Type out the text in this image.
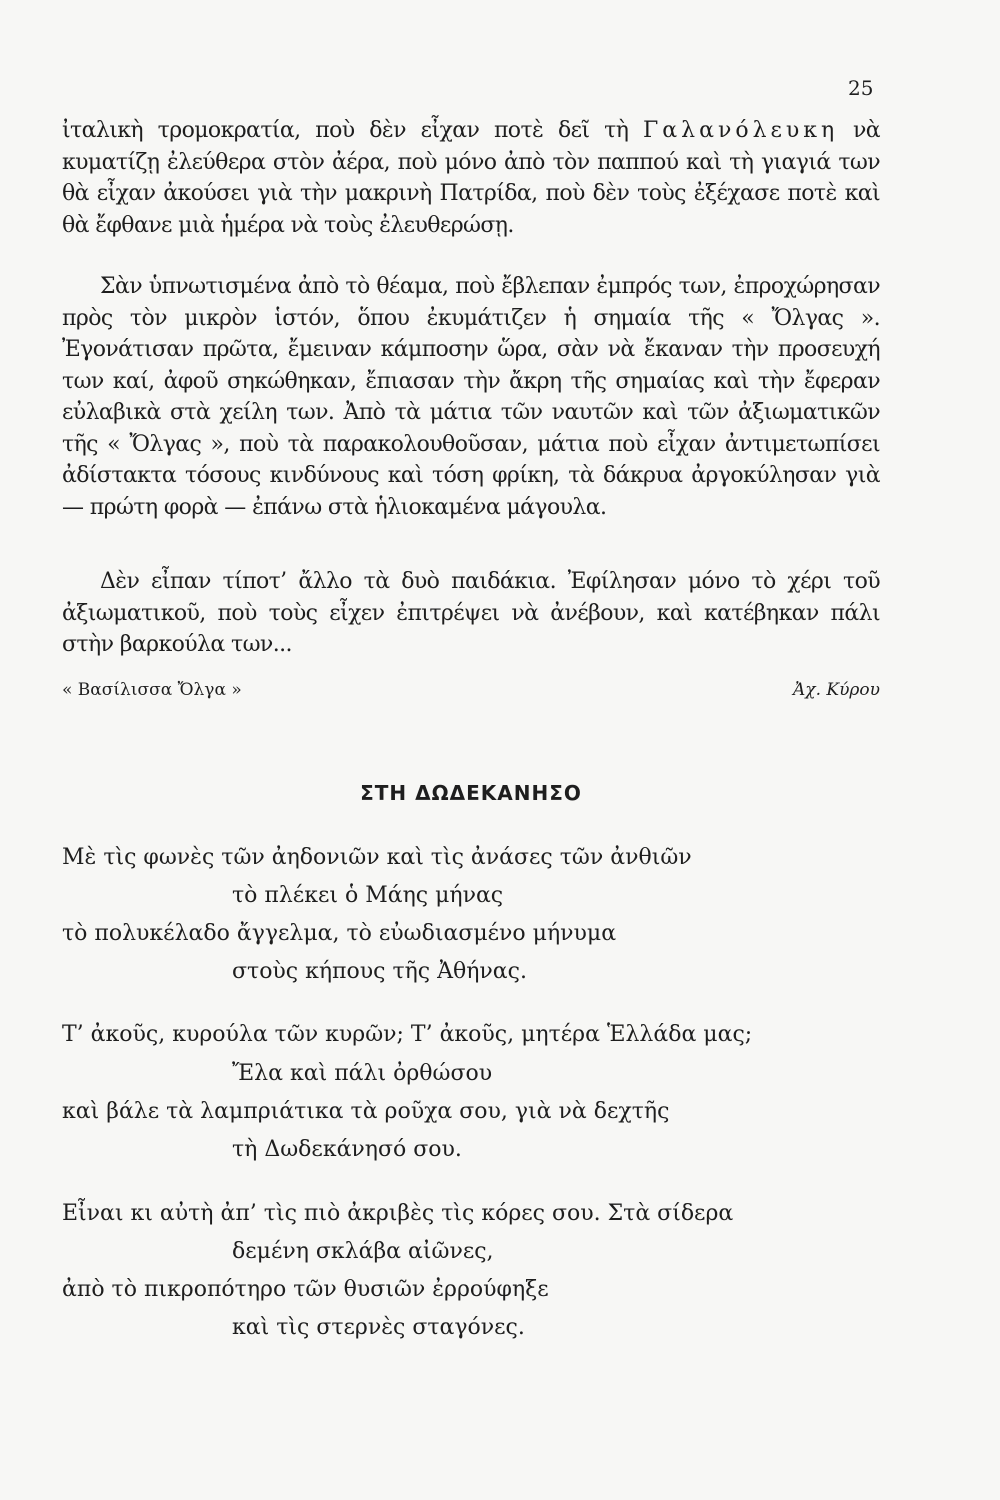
25

ἰταλικὴ τρομοκρατία, ποὺ δὲν εἶχαν ποτὲ δεῖ τὴ Γαλανόλευκη νὰ κυματίζῃ ἐλεύθερα στὸν ἀέρα, ποὺ μόνο ἀπὸ τὸν παππού καὶ τὴ γιαγιά των θὰ εἶχαν ἀκούσει γιὰ τὴν μακρινὴ Πατρίδα, ποὺ δὲν τοὺς ἐξέχασε ποτὲ καὶ θὰ ἔφθανε μιὰ ἡμέρα νὰ τοὺς ἐλευθερώσῃ.

Σὰν ὑπνωτισμένα ἀπὸ τὸ θέαμα, ποὺ ἔβλεπαν ἐμπρός των, ἐπροχώρησαν πρὸς τὸν μικρὸν ἱστόν, ὅπου ἐκυμάτιζεν ἡ σημαία τῆς « Ὄλγας ». Ἐγονάτισαν πρῶτα, ἔμειναν κάμποσην ὥρα, σὰν νὰ ἔκαναν τὴν προσευχή των καί, ἀφοῦ σηκώθηκαν, ἔπιασαν τὴν ἄκρη τῆς σημαίας καὶ τὴν ἔφεραν εὐλαβικὰ στὰ χείλη των. Ἀπὸ τὰ μάτια τῶν ναυτῶν καὶ τῶν ἀξιωματικῶν τῆς « Ὄλγας », ποὺ τὰ παρακολουθοῦσαν, μάτια ποὺ εἶχαν ἀντιμετωπίσει ἀδίστακτα τόσους κινδύνους καὶ τόση φρίκη, τὰ δάκρυα ἀργοκύλησαν γιὰ — πρώτη φορὰ — ἐπάνω στὰ ἡλιοκαμένα μάγουλα.

Δὲν εἶπαν τίποτ’ ἄλλο τὰ δυὸ παιδάκια. Ἐφίλησαν μόνο τὸ χέρι τοῦ ἀξιωματικοῦ, ποὺ τοὺς εἶχεν ἐπιτρέψει νὰ ἀνέβουν, καὶ κατέβηκαν πάλι στὴν βαρκούλα των...

« Βασίλισσα Ὄλγα »	Ἀχ. Κύρου
ΣΤΗ ΔΩΔΕΚΑΝΗΣΟ
Μὲ τὶς φωνὲς τῶν ἀηδονιῶν καὶ τὶς ἀνάσες τῶν ἀνθιῶν
τὸ πλέκει ὁ Μάης μήνας
τὸ πολυκέλαδο ἄγγελμα, τὸ εὐωδιασμένο μήνυμα
στοὺς κήπους τῆς Ἀθήνας.
Τ’ ἀκοῦς, κυρούλα τῶν κυρῶν; Τ’ ἀκοῦς, μητέρα Ἑλλάδα μας;
Ἔλα καὶ πάλι ὀρθώσου
καὶ βάλε τὰ λαμπριάτικα τὰ ροῦχα σου, γιὰ νὰ δεχτῆς
τὴ Δωδεκάνησό σου.
Εἶναι κι αὐτὴ ἀπ’ τὶς πιὸ ἀκριβὲς τὶς κόρες σου. Στὰ σίδερα
δεμένη σκλάβα αἰῶνες,
ἀπὸ τὸ πικροπότηρο τῶν θυσιῶν ἐρρούφηξε
καὶ τὶς στερνὲς σταγόνες.
